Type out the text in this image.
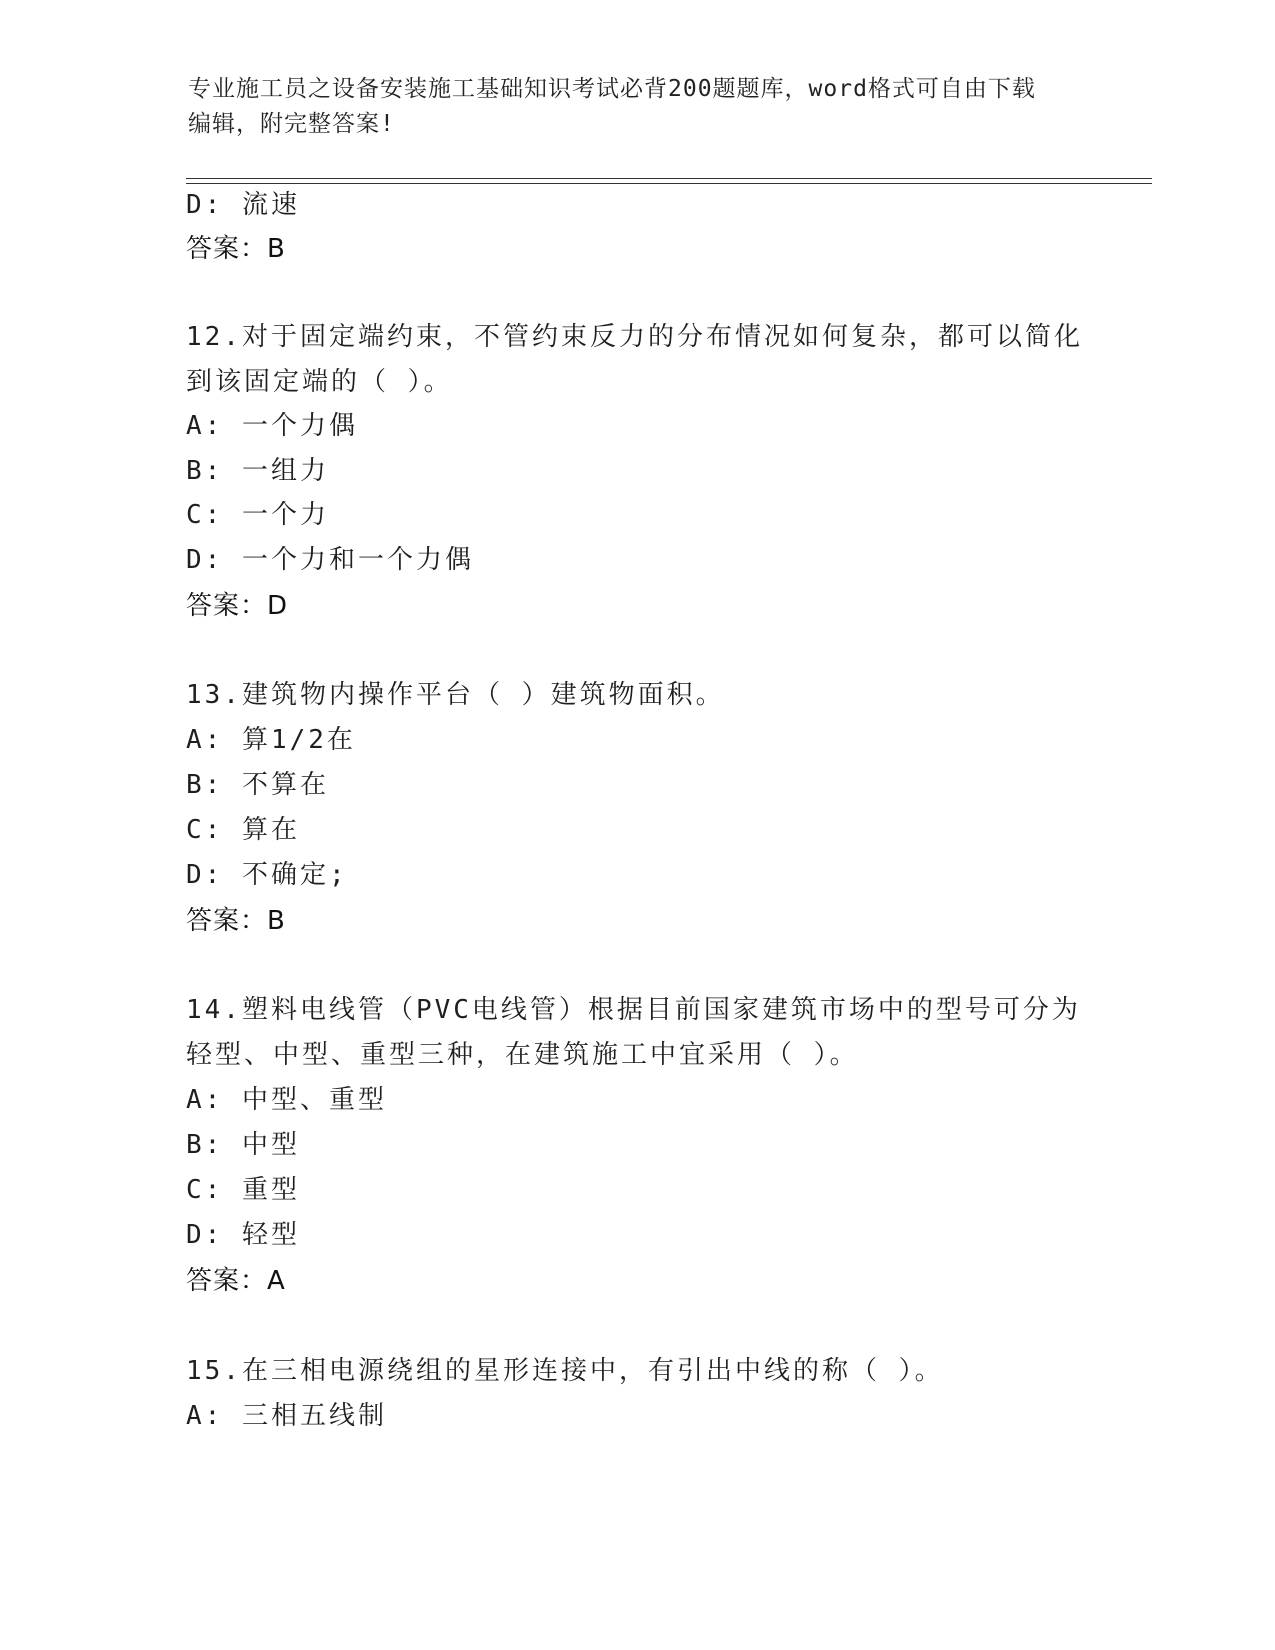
专业施工员之设备安装施工基础知识考试必背200题题库，word格式可自由下载
编辑，附完整答案!
D: 流速
答案：B
12.对于固定端约束，不管约束反力的分布情况如何复杂，都可以简化
到该固定端的（ ）。
A: 一个力偶
B: 一组力
C: 一个力
D: 一个力和一个力偶
答案：D
13.建筑物内操作平台（ ）建筑物面积。
A: 算1/2在
B: 不算在
C: 算在
D: 不确定;
答案：B
14.塑料电线管（PVC电线管）根据目前国家建筑市场中的型号可分为
轻型、中型、重型三种，在建筑施工中宜采用（ ）。
A: 中型、重型
B: 中型
C: 重型
D: 轻型
答案：A
15.在三相电源绕组的星形连接中，有引出中线的称（ ）。
A: 三相五线制
